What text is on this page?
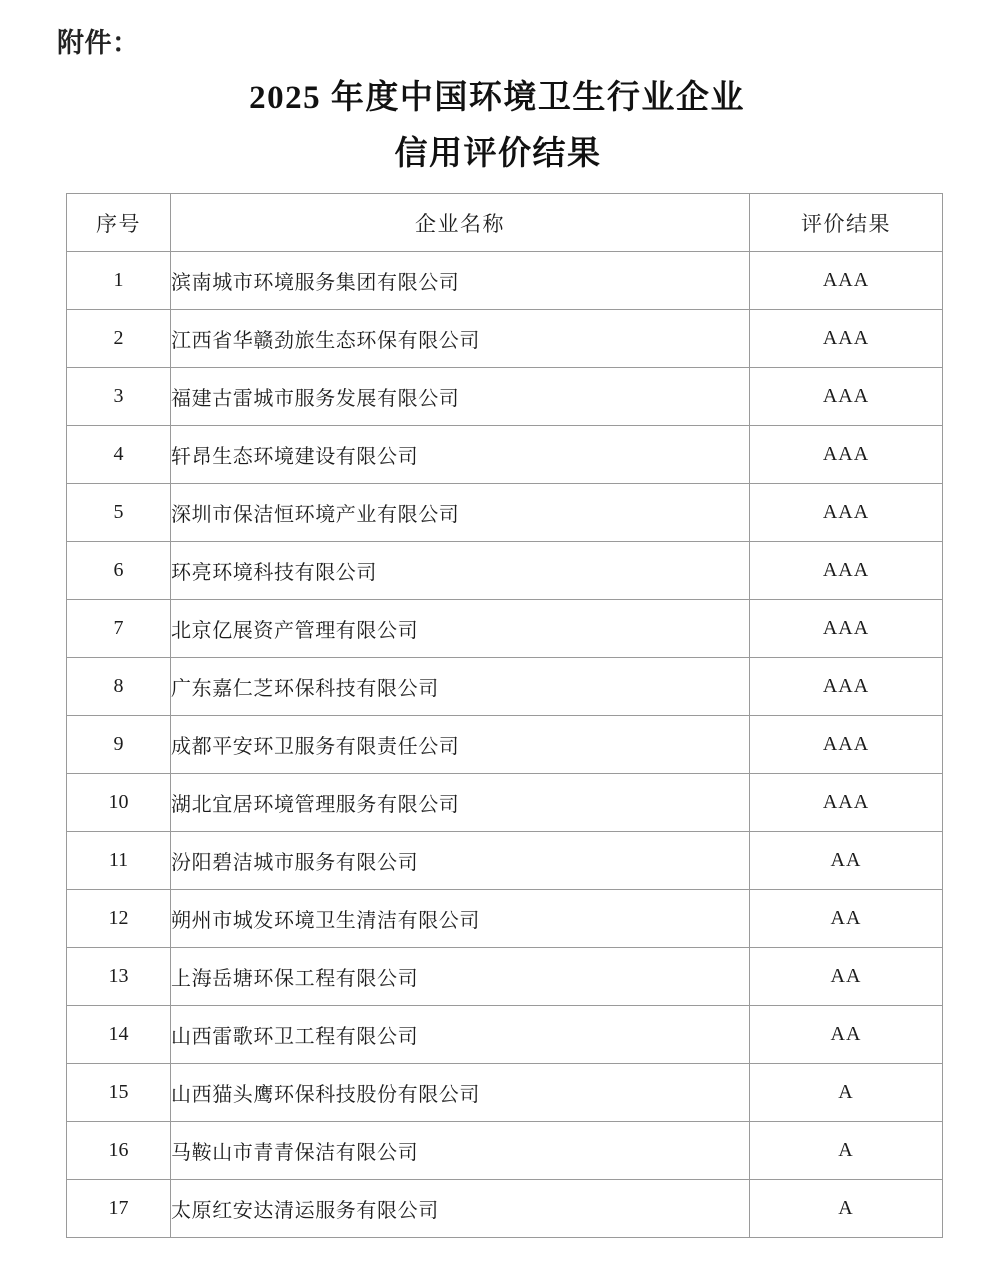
附件：
2025 年度中国环境卫生行业企业
信用评价结果
序号	企业名称	评价结果
1	滨南城市环境服务集团有限公司	AAA
2	江西省华赣劲旅生态环保有限公司	AAA
3	福建古雷城市服务发展有限公司	AAA
4	轩昂生态环境建设有限公司	AAA
5	深圳市保洁恒环境产业有限公司	AAA
6	环亮环境科技有限公司	AAA
7	北京亿展资产管理有限公司	AAA
8	广东嘉仁芝环保科技有限公司	AAA
9	成都平安环卫服务有限责任公司	AAA
10	湖北宜居环境管理服务有限公司	AAA
11	汾阳碧洁城市服务有限公司	AA
12	朔州市城发环境卫生清洁有限公司	AA
13	上海岳塘环保工程有限公司	AA
14	山西雷歌环卫工程有限公司	AA
15	山西猫头鹰环保科技股份有限公司	A
16	马鞍山市青青保洁有限公司	A
17	太原红安达清运服务有限公司	A
